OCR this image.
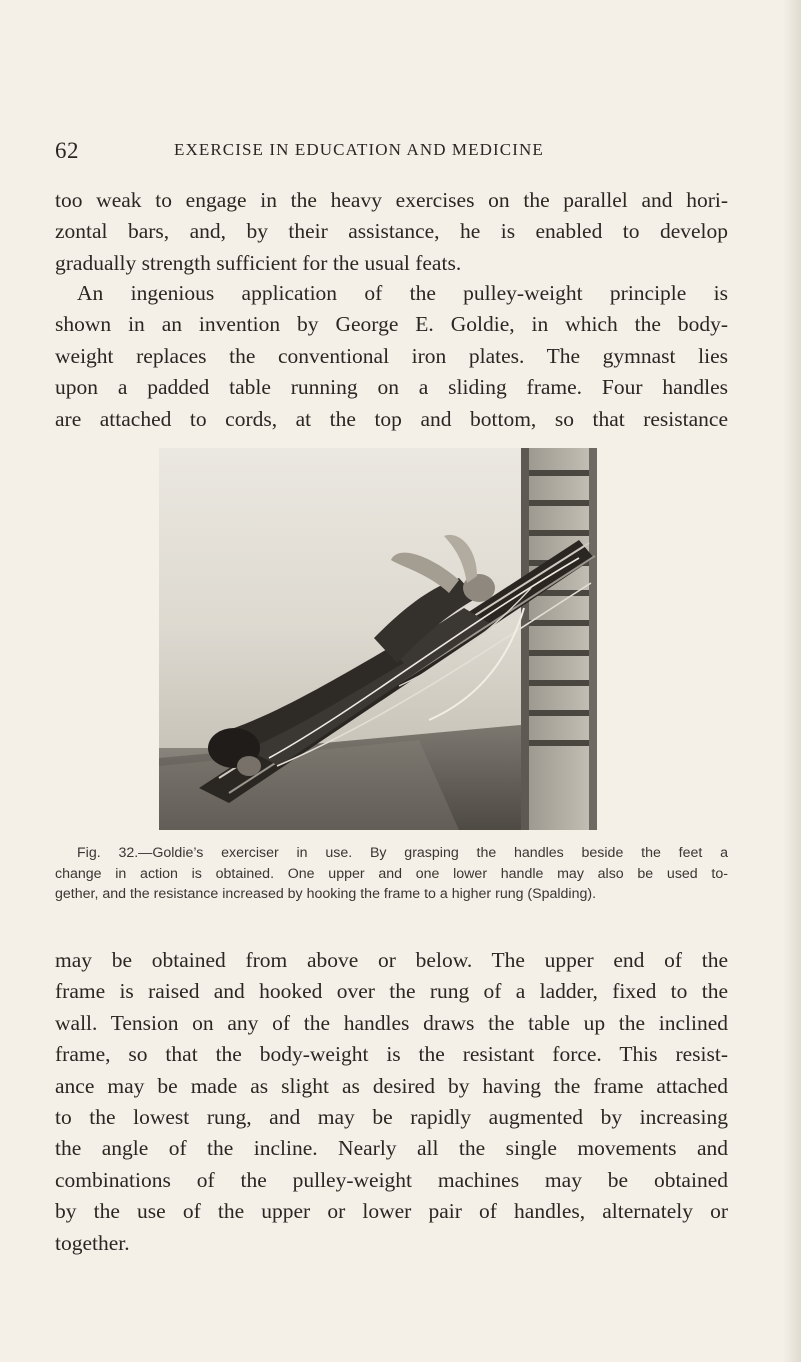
62	EXERCISE IN EDUCATION AND MEDICINE

too weak to engage in the heavy exercises on the parallel and hori-
zontal bars, and, by their assistance, he is enabled to develop
gradually strength sufficient for the usual feats.

An ingenious application of the pulley-weight principle is
shown in an invention by George E. Goldie, in which the body-
weight replaces the conventional iron plates. The gymnast lies
upon a padded table running on a sliding frame. Four handles
are attached to cords, at the top and bottom, so that resistance

Fig. 32.—Goldie’s exerciser in use. By grasping the handles beside the feet a
change in action is obtained. One upper and one lower handle may also be used to-
gether, and the resistance increased by hooking the frame to a higher rung (Spalding).

may be obtained from above or below. The upper end of the
frame is raised and hooked over the rung of a ladder, fixed to the
wall. Tension on any of the handles draws the table up the inclined
frame, so that the body-weight is the resistant force. This resist-
ance may be made as slight as desired by having the frame attached
to the lowest rung, and may be rapidly augmented by increasing
the angle of the incline. Nearly all the single movements and
combinations of the pulley-weight machines may be obtained
by the use of the upper or lower pair of handles, alternately or
together.
